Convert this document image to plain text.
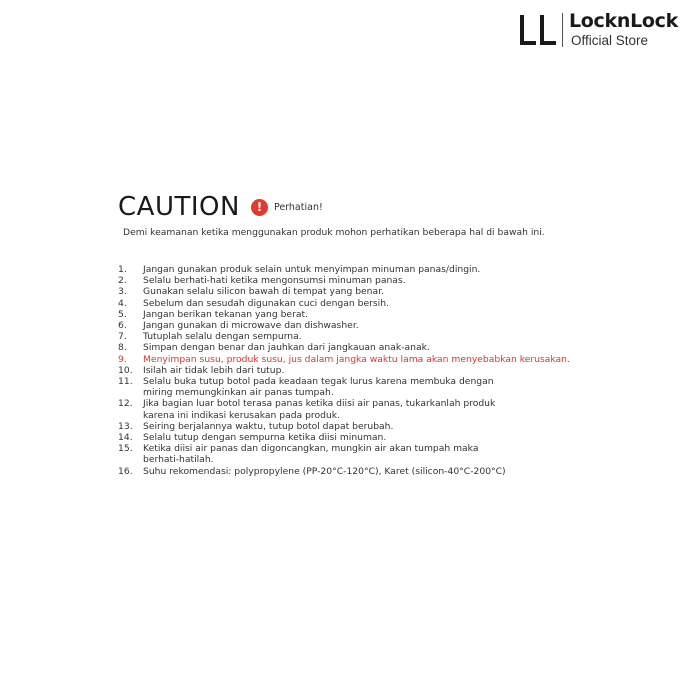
LocknLock
Official Store
CAUTION	!	Perhatian!
Demi keamanan ketika menggunakan produk mohon perhatikan beberapa hal di bawah ini.
1.	Jangan gunakan produk selain untuk menyimpan minuman panas/dingin.
2.	Selalu berhati-hati ketika mengonsumsi minuman panas.
3.	Gunakan selalu silicon bawah di tempat yang benar.
4.	Sebelum dan sesudah digunakan cuci dengan bersih.
5.	Jangan berikan tekanan yang berat.
6.	Jangan gunakan di microwave dan dishwasher.
7.	Tutuplah selalu dengan sempurna.
8.	Simpan dengan benar dan jauhkan dari jangkauan anak-anak.
9.	Menyimpan susu, produk susu, jus dalam jangka waktu lama akan menyebabkan kerusakan.
10.	Isilah air tidak lebih dari tutup.
11.	Selalu buka tutup botol pada keadaan tegak lurus karena membuka dengan
miring memungkinkan air panas tumpah.
12.	Jika bagian luar botol terasa panas ketika diisi air panas, tukarkanlah produk
karena ini indikasi kerusakan pada produk.
13.	Seiring berjalannya waktu, tutup botol dapat berubah.
14.	Selalu tutup dengan sempurna ketika diisi minuman.
15.	Ketika diisi air panas dan digoncangkan, mungkin air akan tumpah maka
berhati-hatilah.
16.	Suhu rekomendasi: polypropylene (PP-20°C-120°C), Karet (silicon-40°C-200°C)
